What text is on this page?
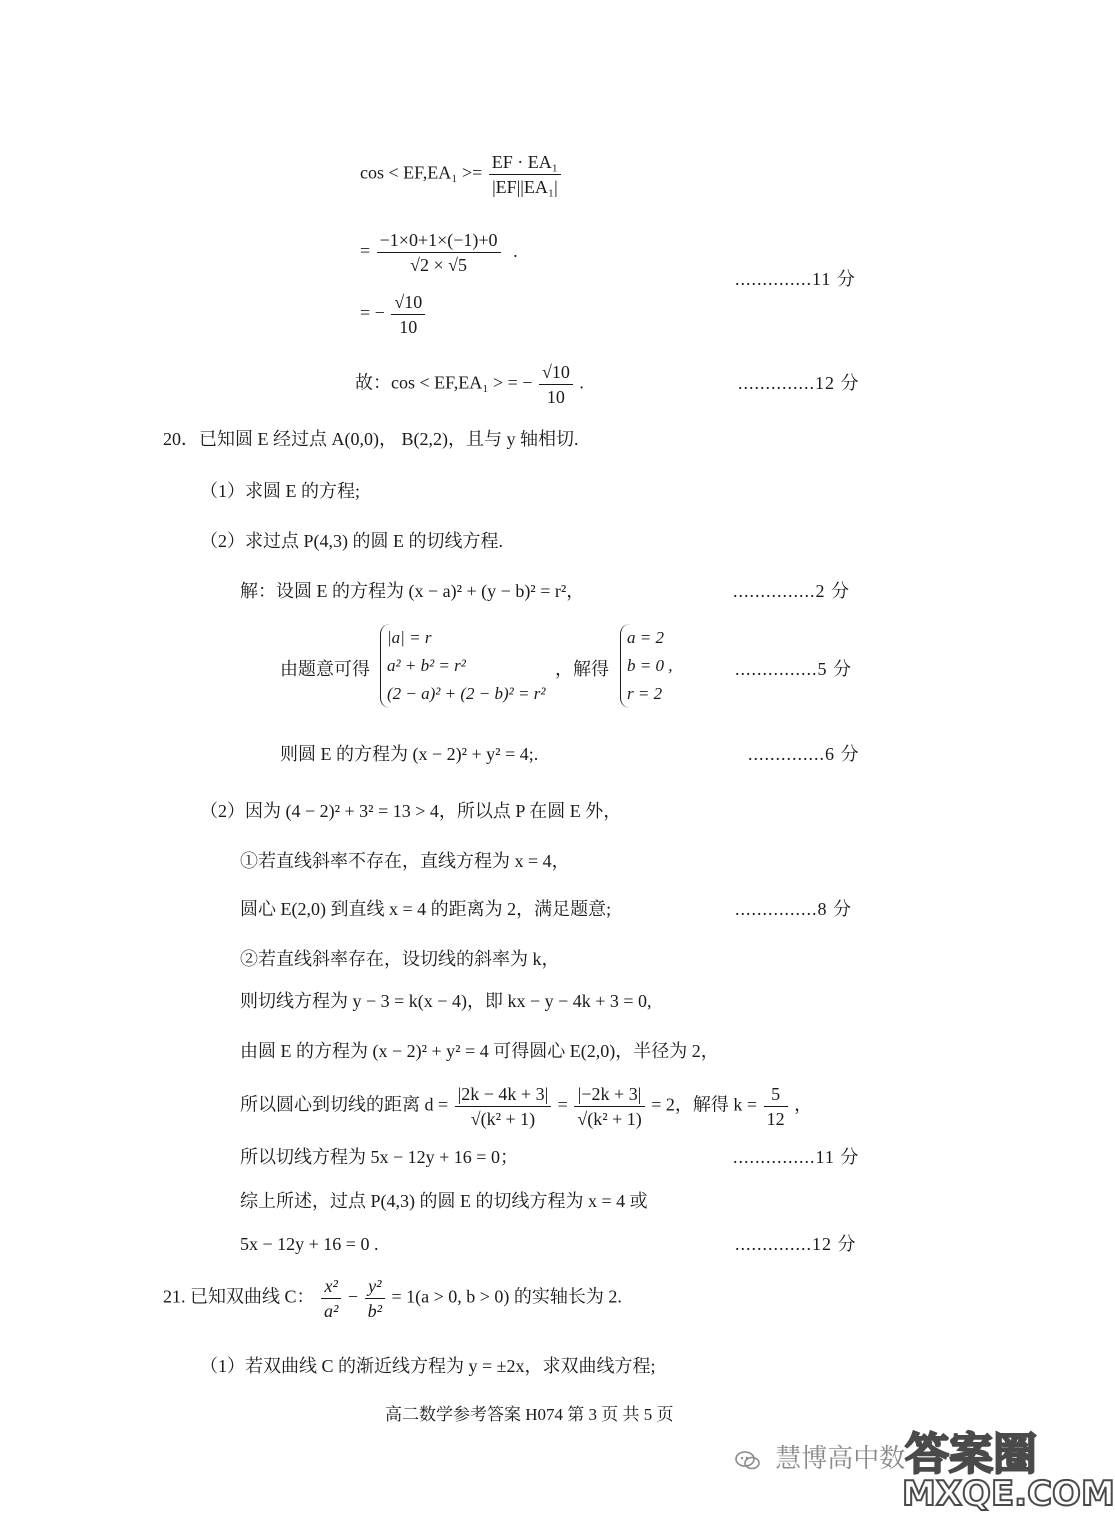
$\cos < EF,EA_1 >= \frac{\text{EF · EA₁}}{\text{|EF||EA₁|}}$
= $\frac{-1\times 0+1\times(-1)+0}{√2 \times √5}$ .
..............11 分
= − $\frac{√10}{10}$
故：cos < EF,EA₁ > = − $\frac{√10}{10}$ .	..............12 分
20．已知圆 E 经过点 A(0,0)， B(2,2)，且与 y 轴相切.
（1）求圆 E 的方程;
（2）求过点 P(4,3) 的圆 E 的切线方程.
解：设圆 E 的方程为 (x − a)² + (y − b)² = r²，	...............2 分
由题意可得
|a| = r
a² + b² = r²
(2 − a)² + (2 − b)² = r²
，解得
a = 2
b = 0 ,
r = 2
...............5 分
则圆 E 的方程为 (x − 2)² + y² = 4;.	..............6 分
（2）因为 (4 − 2)² + 3² = 13 > 4，所以点 P 在圆 E 外，
①若直线斜率不存在，直线方程为 x = 4，
圆心 E(2,0) 到直线 x = 4 的距离为 2，满足题意;	...............8 分
②若直线斜率存在，设切线的斜率为 k，
则切线方程为 y − 3 = k(x − 4)，即 kx − y − 4k + 3 = 0,
由圆 E 的方程为 (x − 2)² + y² = 4 可得圆心 E(2,0)，半径为 2，
所以圆心到切线的距离 $d = \frac{|2k - 4k + 3|}{\text{√(k² + 1)}} = \frac{|-2k + 3|}{\text{√(k² + 1)}} = 2$，解得 $k = \frac{5}{12}$ ，
所以切线方程为 5x − 12y + 16 = 0；	...............11 分
综上所述，过点 P(4,3) 的圆 E 的切线方程为 x = 4 或
5x − 12y + 16 = 0 .	..............12 分
21. 已知双曲线 C： $\frac{\text{x²}}{\text{a²}} - \frac{\text{y²}}{\text{b²}} = 1(a > 0$, b > 0) 的实轴长为 2.
（1）若双曲线 C 的渐近线方程为 y = ±2x，求双曲线方程;
高二数学参考答案 H074 第 3 页 共 5 页
慧博高中数 答案圈
MXQE.COM
